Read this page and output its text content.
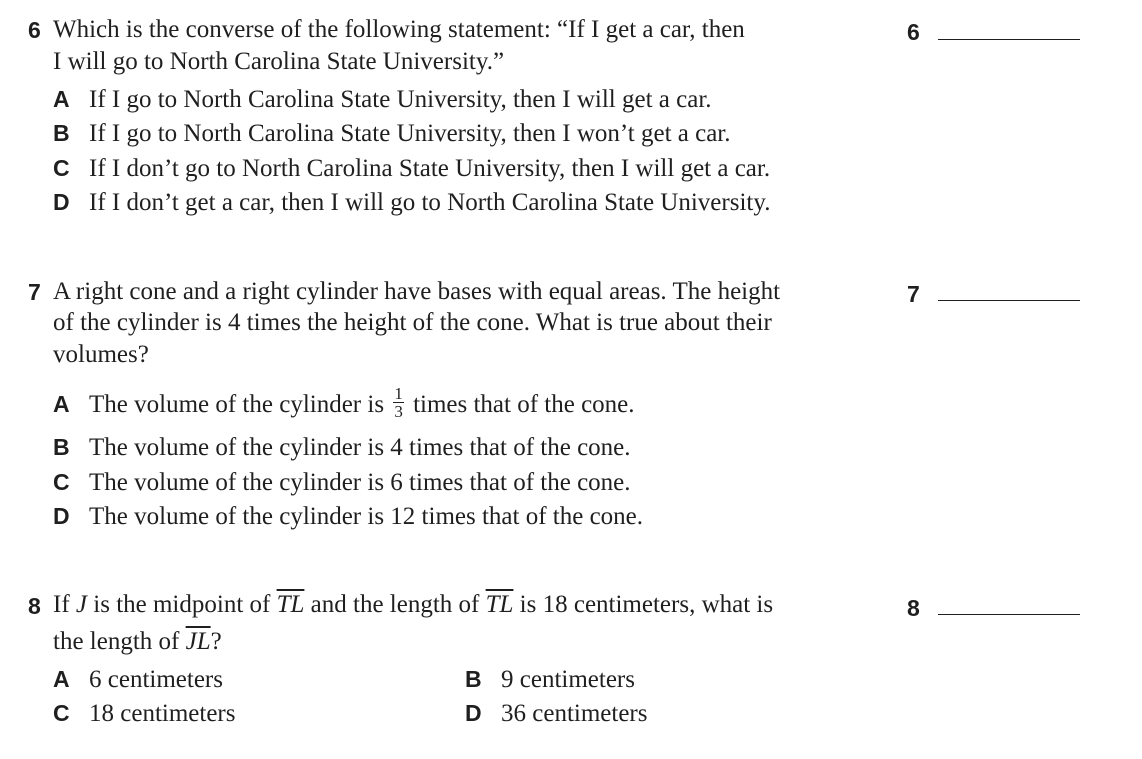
6 Which is the converse of the following statement: “If I get a car, then
I will go to North Carolina State University.”
A If I go to North Carolina State University, then I will get a car.
B If I go to North Carolina State University, then I won’t get a car.
C If I don’t go to North Carolina State University, then I will get a car.
D If I don’t get a car, then I will go to North Carolina State University.
6
7 A right cone and a right cylinder have bases with equal areas. The height
of the cylinder is 4 times the height of the cone. What is true about their
volumes?
A The volume of the cylinder is $\frac{1}{3}$ times that of the cone.
B The volume of the cylinder is 4 times that of the cone.
C The volume of the cylinder is 6 times that of the cone.
D The volume of the cylinder is 12 times that of the cone.
7
8 If J is the midpoint of $\overline{TL}$ and the length of $\overline{TL}$ is 18 centimeters, what is
the length of $\overline{JL}$?
A 6 centimeters	B 9 centimeters
C 18 centimeters	D 36 centimeters
8
